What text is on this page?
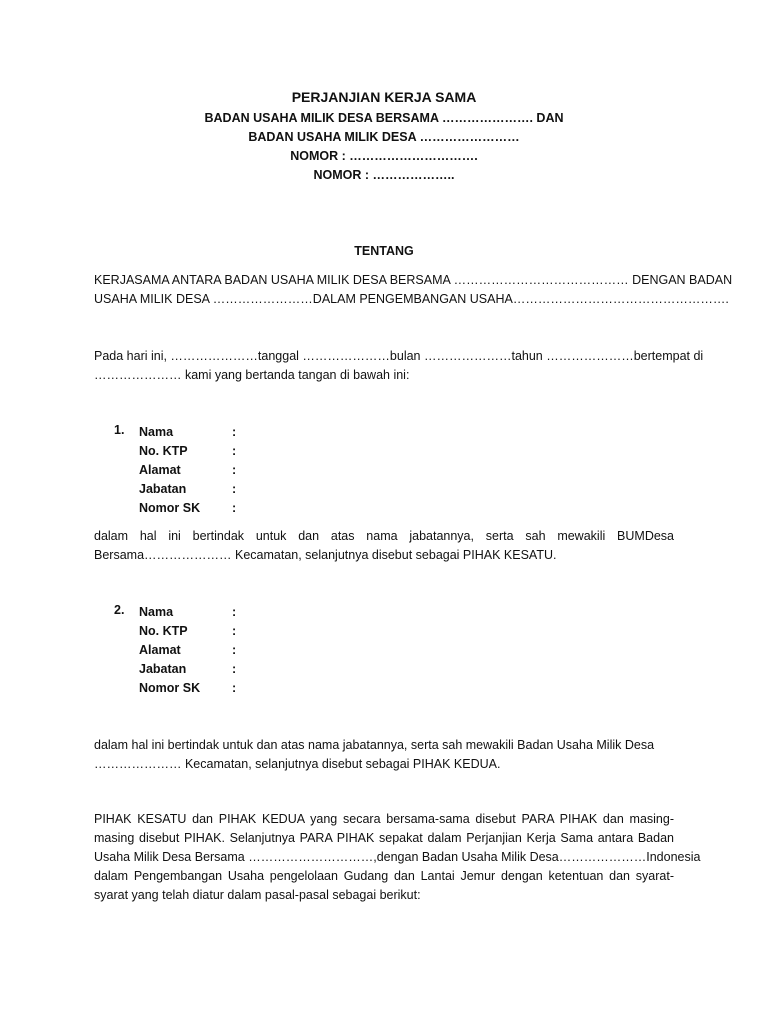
PERJANJIAN KERJA SAMA
BADAN USAHA MILIK DESA BERSAMA …………………. DAN
BADAN USAHA MILIK DESA ……………………
NOMOR : ………………………….
NOMOR : ………………..
TENTANG
KERJASAMA ANTARA BADAN USAHA MILIK DESA BERSAMA …………………………………… DENGAN BADAN
USAHA MILIK DESA ……………………DALAM PENGEMBANGAN USAHA…………………………………………….
Pada hari ini, …………………tanggal …………………bulan …………………tahun …………………bertempat di
………………… kami yang bertanda tangan di bawah ini:
1. Nama	:
No. KTP	:
Alamat	:
Jabatan	:
Nomor SK	:
dalam hal ini bertindak untuk dan atas nama jabatannya, serta sah mewakili BUMDesa
Bersama………………… Kecamatan, selanjutnya disebut sebagai PIHAK KESATU.
2. Nama	:
No. KTP	:
Alamat	:
Jabatan	:
Nomor SK	:
dalam hal ini bertindak untuk dan atas nama jabatannya, serta sah mewakili Badan Usaha Milik Desa
………………… Kecamatan, selanjutnya disebut sebagai PIHAK KEDUA.
PIHAK KESATU dan PIHAK KEDUA yang secara bersama-sama disebut PARA PIHAK dan masing-
masing disebut PIHAK. Selanjutnya PARA PIHAK sepakat dalam Perjanjian Kerja Sama antara Badan
Usaha Milik Desa Bersama …………………………,dengan Badan Usaha Milik Desa…………………Indonesia
dalam Pengembangan Usaha pengelolaan Gudang dan Lantai Jemur dengan ketentuan dan syarat-
syarat yang telah diatur dalam pasal-pasal sebagai berikut:
